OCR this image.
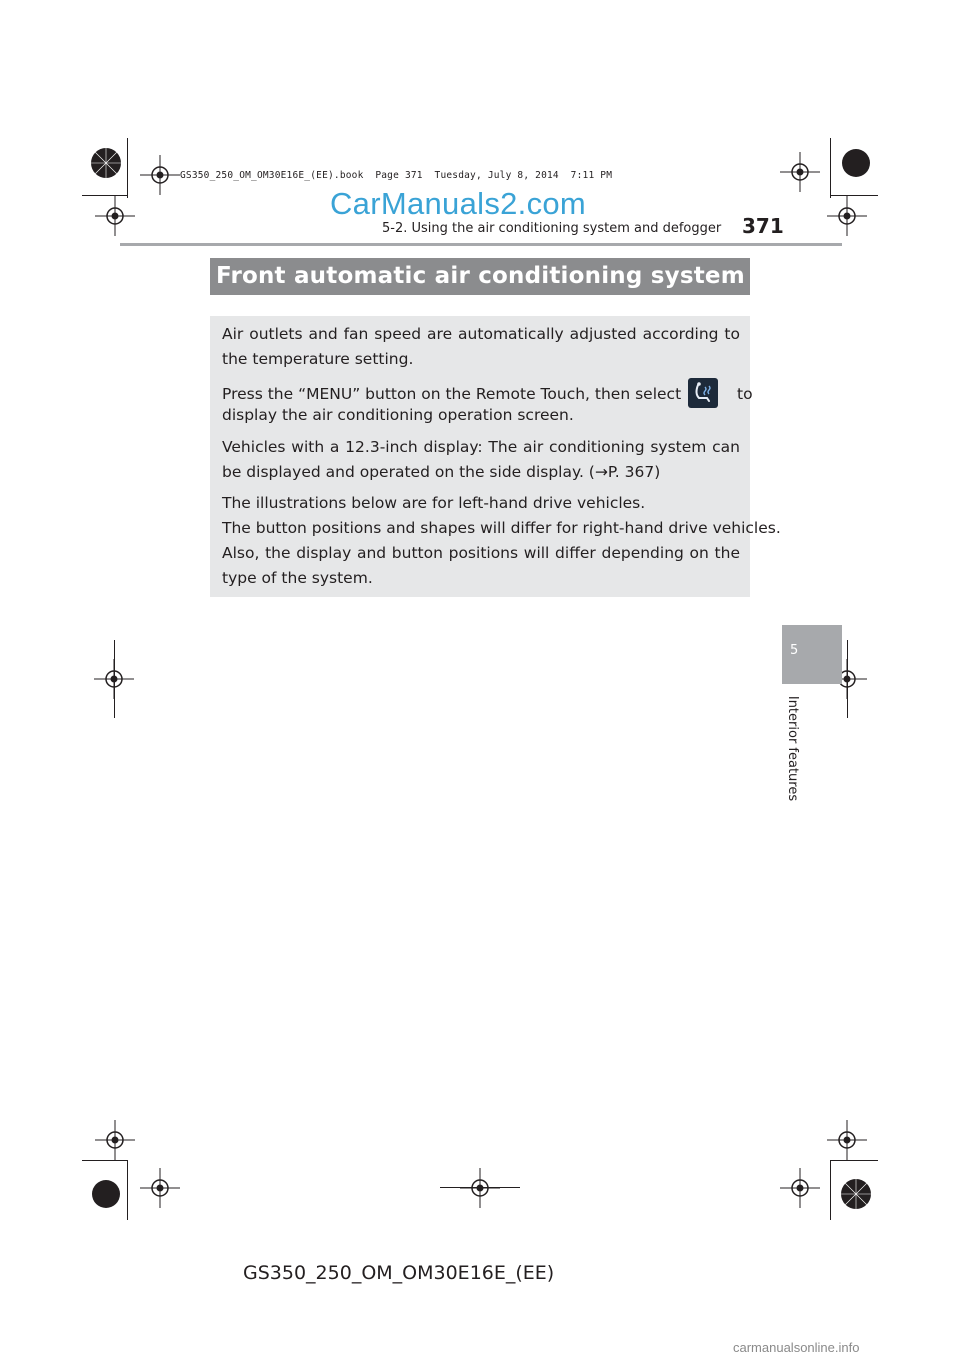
GS350_250_OM_OM30E16E_(EE).book  Page 371  Tuesday, July 8, 2014  7:11 PM
CarManuals2.com
carmanualsonline.info
5-2. Using the air conditioning system and defogger 371
5
Interior features
Front automatic air conditioning system
Air outlets and fan speed are automatically adjusted according to the temperature setting.
Press the “MENU” button on the Remote Touch, then select	to
display the air conditioning operation screen.
Vehicles with a 12.3-inch display: The air conditioning system can be displayed and operated on the side display. (→P. 367)
The illustrations below are for left-hand drive vehicles.
The button positions and shapes will differ for right-hand drive vehicles.
Also, the display and button positions will differ depending on the type of the system.
GS350_250_OM_OM30E16E_(EE)
